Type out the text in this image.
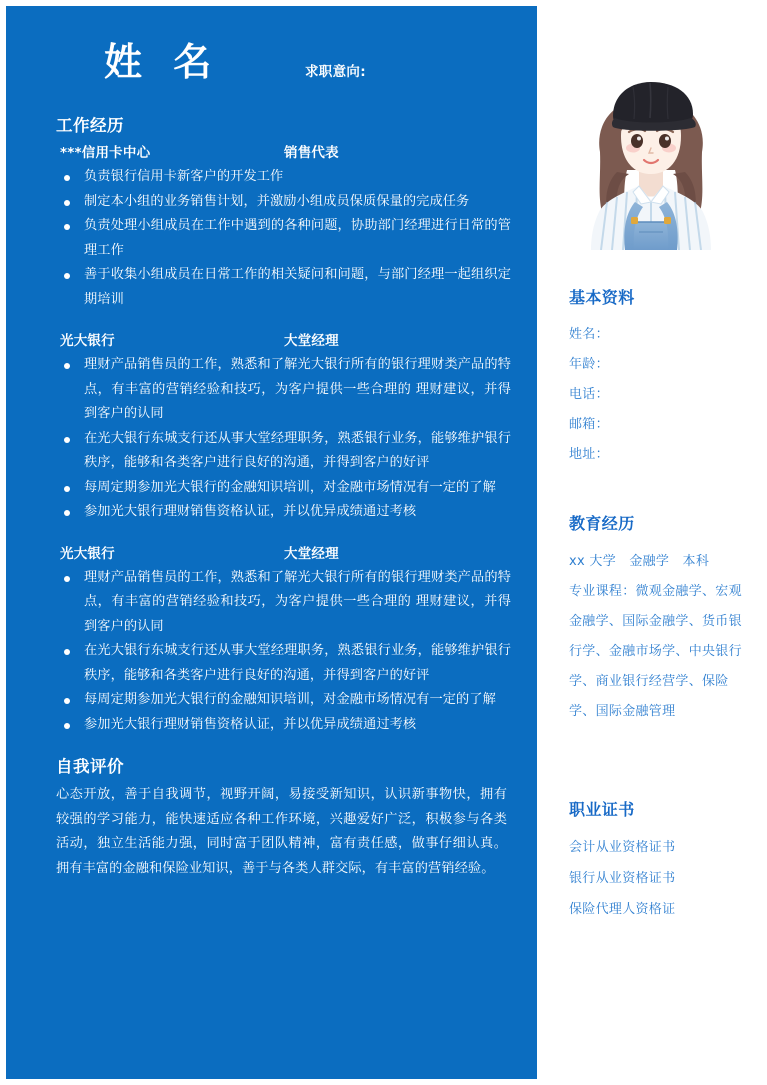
姓 名	求职意向:
工作经历
***信用卡中心	销售代表
负责银行信用卡新客户的开发工作
制定本小组的业务销售计划，并激励小组成员保质保量的完成任务
负责处理小组成员在工作中遇到的各种问题，协助部门经理进行日常的管理工作
善于收集小组成员在日常工作的相关疑问和问题，与部门经理一起组织定期培训
光大银行	大堂经理
理财产品销售员的工作，熟悉和了解光大银行所有的银行理财类产品的特点，有丰富的营销经验和技巧，为客户提供一些合理的 理财建议，并得到客户的认同
在光大银行东城支行还从事大堂经理职务，熟悉银行业务，能够维护银行秩序，能够和各类客户进行良好的沟通，并得到客户的好评
每周定期参加光大银行的金融知识培训，对金融市场情况有一定的了解
参加光大银行理财销售资格认证，并以优异成绩通过考核
光大银行	大堂经理
理财产品销售员的工作，熟悉和了解光大银行所有的银行理财类产品的特点，有丰富的营销经验和技巧，为客户提供一些合理的 理财建议，并得到客户的认同
在光大银行东城支行还从事大堂经理职务，熟悉银行业务，能够维护银行秩序，能够和各类客户进行良好的沟通，并得到客户的好评
每周定期参加光大银行的金融知识培训，对金融市场情况有一定的了解
参加光大银行理财销售资格认证，并以优异成绩通过考核
自我评价

心态开放，善于自我调节，视野开阔，易接受新知识，认识新事物快，拥有较强的学习能力，能快速适应各种工作环境，兴趣爱好广泛，积极参与各类活动，独立生活能力强，同时富于团队精神，富有责任感，做事仔细认真。拥有丰富的金融和保险业知识，善于与各类人群交际，有丰富的营销经验。

基本资料
姓名：
年龄：
电话：
邮箱：
地址：
教育经历
xx 大学　金融学　本科
专业课程：微观金融学、宏观金融学、国际金融学、货币银行学、金融市场学、中央银行学、商业银行经营学、保险学、国际金融管理
职业证书
会计从业资格证书
银行从业资格证书
保险代理人资格证
